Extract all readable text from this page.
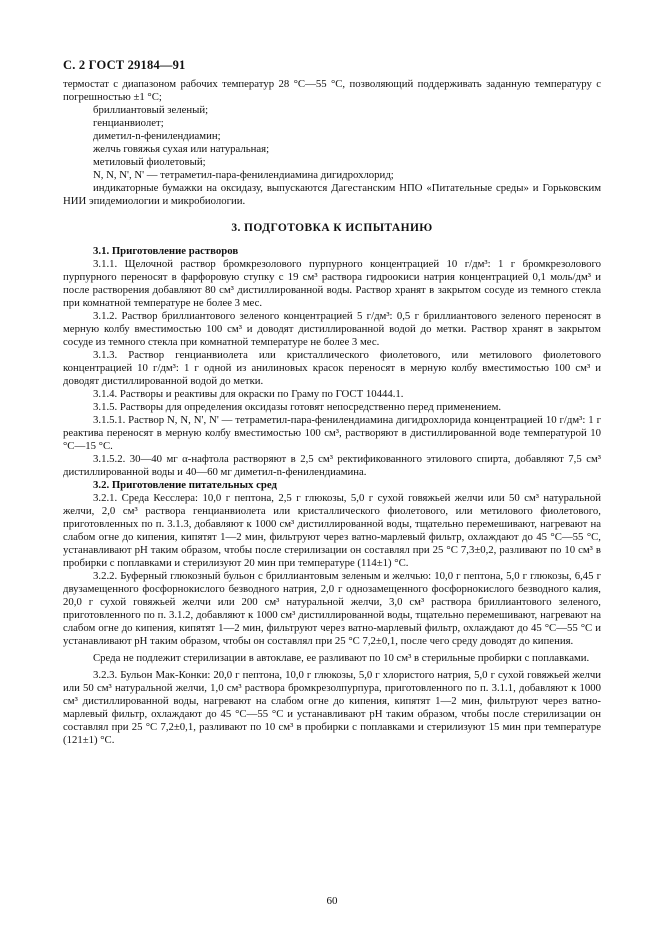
С. 2 ГОСТ 29184—91

термостат с диапазоном рабочих температур 28 °С—55 °С, позволяющий поддерживать заданную температуру с погрешностью ±1 °С;

бриллиантовый зеленый;

генцианвиолет;

диметил-n-фенилендиамин;

желчь говяжья сухая или натуральная;

метиловый фиолетовый;

N, N, N', N' — тетраметил-пара-фенилендиамина дигидрохлорид;

индикаторные бумажки на оксидазу, выпускаются Дагестанским НПО «Питательные среды» и Горьковским НИИ эпидемиологии и микробиологии.

3. ПОДГОТОВКА К ИСПЫТАНИЮ

3.1. Приготовление растворов

3.1.1. Щелочной раствор бромкрезолового пурпурного концентрацией 10 г/дм³: 1 г бромкрезолового пурпурного переносят в фарфоровую ступку с 19 см³ раствора гидроокиси натрия концентрацией 0,1 моль/дм³ и после растворения добавляют 80 см³ дистиллированной воды. Раствор хранят в закрытом сосуде из темного стекла при комнатной температуре не более 3 мес.

3.1.2. Раствор бриллиантового зеленого концентрацией 5 г/дм³: 0,5 г бриллиантового зеленого переносят в мерную колбу вместимостью 100 см³ и доводят дистиллированной водой до метки. Раствор хранят в закрытом сосуде из темного стекла при комнатной температуре не более 3 мес.

3.1.3. Раствор генцианвиолета или кристаллического фиолетового, или метилового фиолетового концентрацией 10 г/дм³: 1 г одной из анилиновых красок переносят в мерную колбу вместимостью 100 см³ и доводят дистиллированной водой до метки.

3.1.4. Растворы и реактивы для окраски по Граму по ГОСТ 10444.1.

3.1.5. Растворы для определения оксидазы готовят непосредственно перед применением.

3.1.5.1. Раствор N, N, N', N' — тетраметил-пара-фенилендиамина дигидрохлорида концентрацией 10 г/дм³: 1 г реактива переносят в мерную колбу вместимостью 100 см³, растворяют в дистиллированной воде температурой 10 °С—15 °С.

3.1.5.2. 30—40 мг α-нафтола растворяют в 2,5 см³ ректификованного этилового спирта, добавляют 7,5 см³ дистиллированной воды и 40—60 мг диметил-n-фенилендиамина.

3.2. Приготовление питательных сред

3.2.1. Среда Кесслера: 10,0 г пептона, 2,5 г глюкозы, 5,0 г сухой говяжьей желчи или 50 см³ натуральной желчи, 2,0 см³ раствора генцианвиолета или кристаллического фиолетового, или метилового фиолетового, приготовленных по п. 3.1.3, добавляют к 1000 см³ дистиллированной воды, тщательно перемешивают, нагревают на слабом огне до кипения, кипятят 1—2 мин, фильтруют через ватно-марлевый фильтр, охлаждают до 45 °С—55 °С, устанавливают pH таким образом, чтобы после стерилизации он составлял при 25 °С 7,3±0,2, разливают по 10 см³ в пробирки с поплавками и стерилизуют 20 мин при температуре (114±1) °С.

3.2.2. Буферный глюкозный бульон с бриллиантовым зеленым и желчью: 10,0 г пептона, 5,0 г глюкозы, 6,45 г двузамещенного фосфорнокислого безводного натрия, 2,0 г однозамещенного фосфорнокислого безводного калия, 20,0 г сухой говяжьей желчи или 200 см³ натуральной желчи, 3,0 см³ раствора бриллиантового зеленого, приготовленного по п. 3.1.2, добавляют к 1000 см³ дистиллированной воды, тщательно перемешивают, нагревают на слабом огне до кипения, кипятят 1—2 мин, фильтруют через ватно-марлевый фильтр, охлаждают до 45 °С—55 °С и устанавливают pH таким образом, чтобы он составлял при 25 °С 7,2±0,1, после чего среду доводят до кипения.

Среда не подлежит стерилизации в автоклаве, ее разливают по 10 см³ в стерильные пробирки с поплавками.

3.2.3. Бульон Мак-Конки: 20,0 г пептона, 10,0 г глюкозы, 5,0 г хлористого натрия, 5,0 г сухой говяжьей желчи или 50 см³ натуральной желчи, 1,0 см³ раствора бромкрезолпурпура, приготовленного по п. 3.1.1, добавляют к 1000 см³ дистиллированной воды, нагревают на слабом огне до кипения, кипятят 1—2 мин, фильтруют через ватно-марлевый фильтр, охлаждают до 45 °С—55 °С и устанавливают pH таким образом, чтобы после стерилизации он составлял при 25 °С 7,2±0,1, разливают по 10 см³ в пробирки с поплавками и стерилизуют 15 мин при температуре (121±1) °С.

60
